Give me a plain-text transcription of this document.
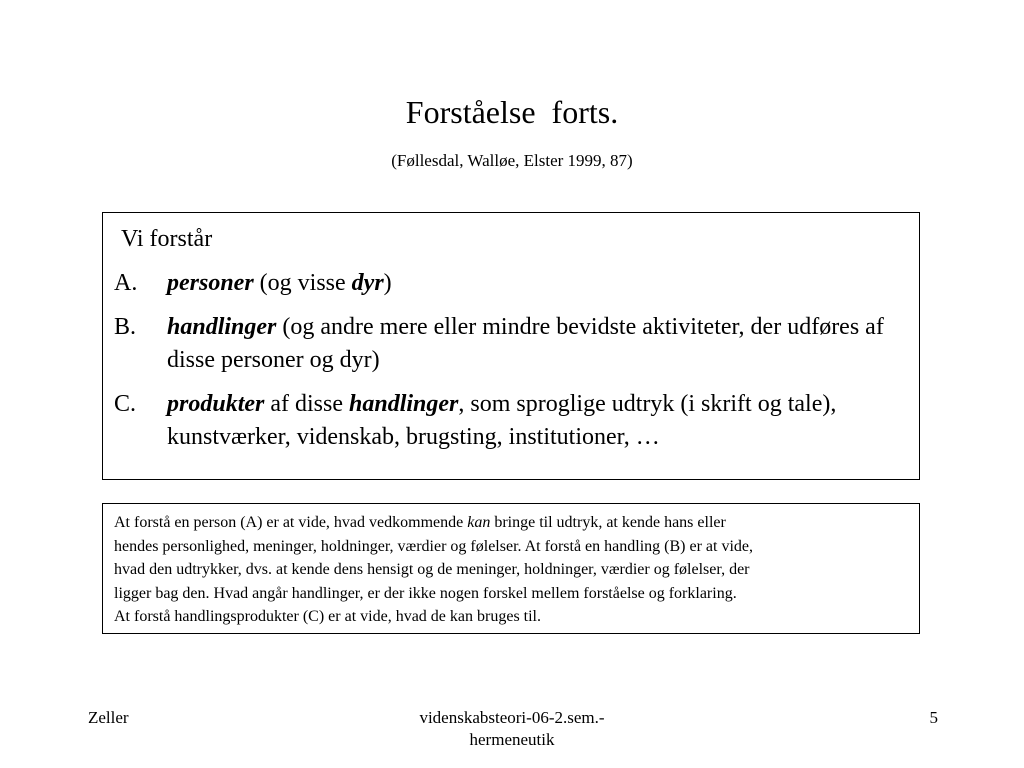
Forståelse  forts.
(Føllesdal, Walløe, Elster 1999, 87)
Vi forstår
A. personer (og visse dyr)
B. handlinger (og andre mere eller mindre bevidste aktiviteter, der udføres af disse personer og dyr)
C. produkter af disse handlinger, som sproglige udtryk (i skrift og tale), kunstværker, videnskab, brugsting, institutioner, …
At forstå en person (A) er at vide, hvad vedkommende kan bringe til udtryk, at kende hans eller
hendes personlighed, meninger, holdninger, værdier og følelser. At forstå en handling (B) er at vide,
hvad den udtrykker, dvs. at kende dens hensigt og de meninger, holdninger, værdier og følelser, der
ligger bag den. Hvad angår handlinger, er der ikke nogen forskel mellem forståelse og forklaring.
At forstå handlingsprodukter (C) er at vide, hvad de kan bruges til.
Zeller	videnskabsteori-06-2.sem.-
hermeneutik
5
